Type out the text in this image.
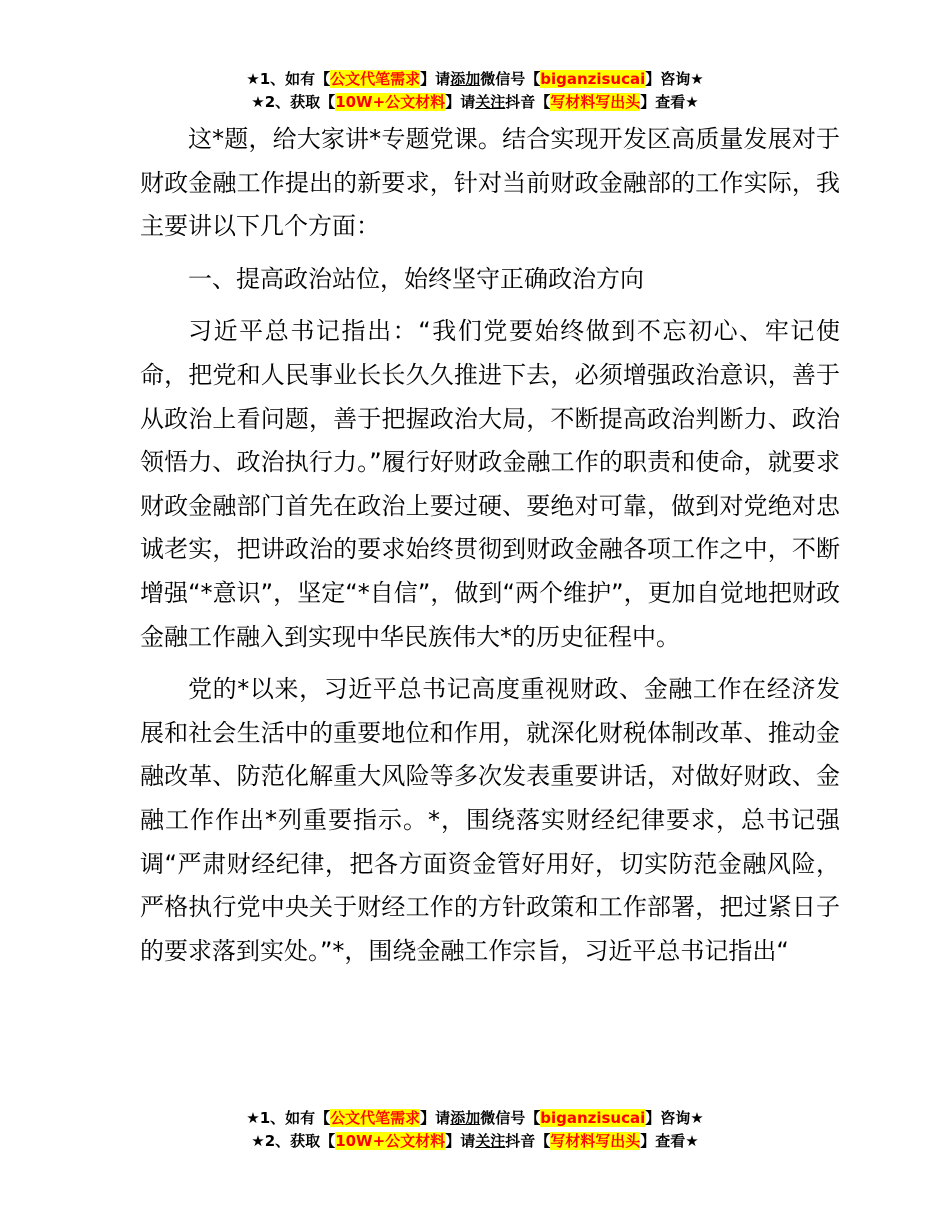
★1、如有【公文代笔需求】请添加微信号【biganzisucai】咨询★
★2、获取【10W+公文材料】请关注抖音【写材料写出头】查看★

这*题，给大家讲*专题党课。结合实现开发区高质量发展对于财政金融工作提出的新要求，针对当前财政金融部的工作实际，我主要讲以下几个方面：

一、提高政治站位，始终坚守正确政治方向

习近平总书记指出：“我们党要始终做到不忘初心、牢记使命，把党和人民事业长长久久推进下去，必须增强政治意识，善于从政治上看问题，善于把握政治大局，不断提高政治判断力、政治领悟力、政治执行力。”履行好财政金融工作的职责和使命，就要求财政金融部门首先在政治上要过硬、要绝对可靠，做到对党绝对忠诚老实，把讲政治的要求始终贯彻到财政金融各项工作之中，不断增强“*意识”，坚定“*自信”，做到“两个维护”，更加自觉地把财政金融工作融入到实现中华民族伟大*的历史征程中。

党的*以来，习近平总书记高度重视财政、金融工作在经济发展和社会生活中的重要地位和作用，就深化财税体制改革、推动金融改革、防范化解重大风险等多次发表重要讲话，对做好财政、金融工作作出*列重要指示。*，围绕落实财经纪律要求，总书记强调“严肃财经纪律，把各方面资金管好用好，切实防范金融风险，严格执行党中央关于财经工作的方针政策和工作部署，把过紧日子的要求落到实处。”*，围绕金融工作宗旨，习近平总书记指出“

★1、如有【公文代笔需求】请添加微信号【biganzisucai】咨询★
★2、获取【10W+公文材料】请关注抖音【写材料写出头】查看★
